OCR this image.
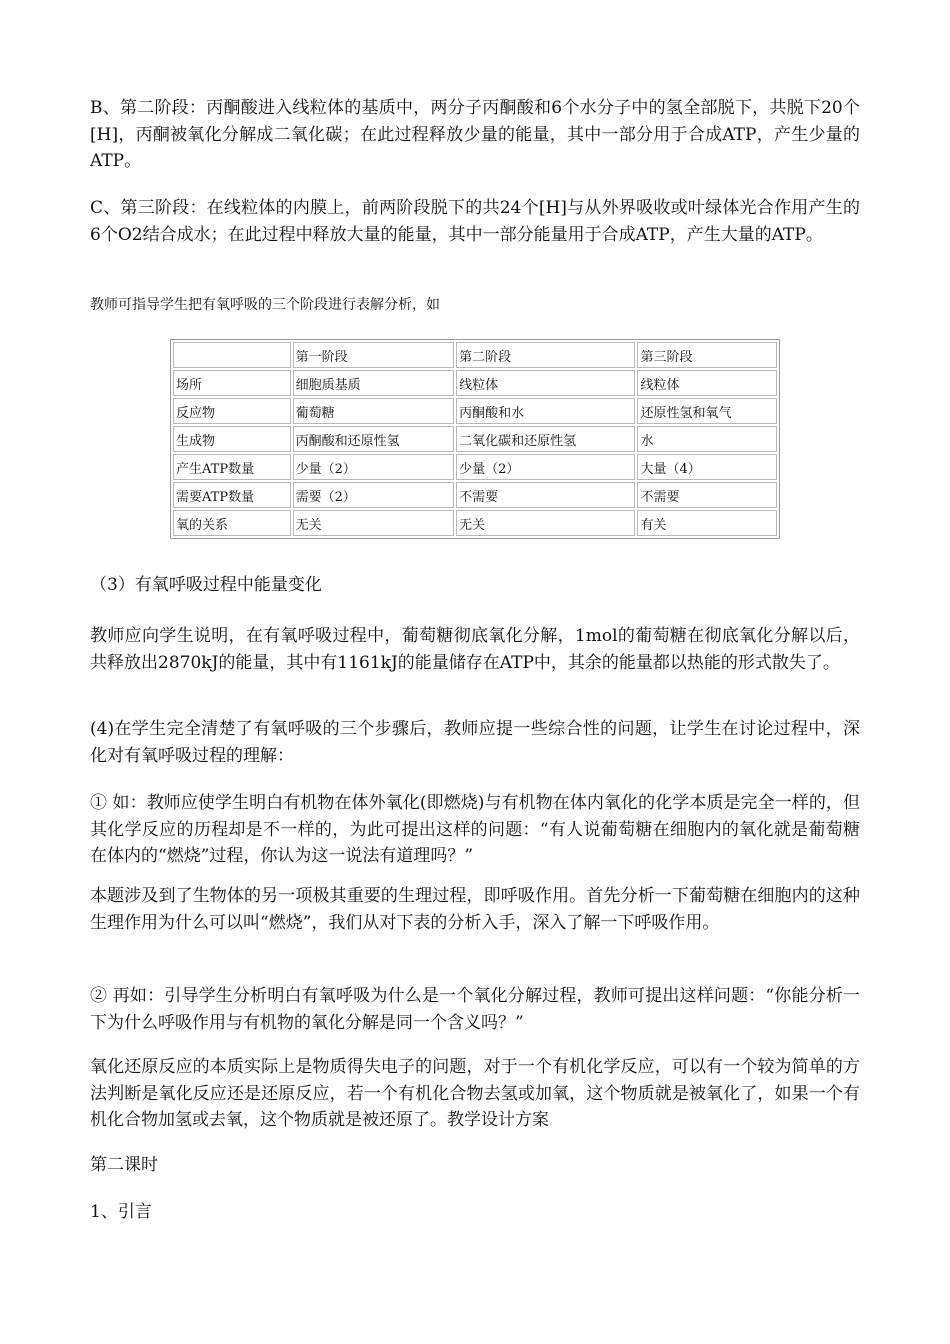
B、第二阶段：丙酮酸进入线粒体的基质中，两分子丙酮酸和6个水分子中的氢全部脱下，共脱下20个[H]，丙酮被氧化分解成二氧化碳；在此过程释放少量的能量，其中一部分用于合成ATP，产生少量的ATP。

C、第三阶段：在线粒体的内膜上，前两阶段脱下的共24个[H]与从外界吸收或叶绿体光合作用产生的6个O2结合成水；在此过程中释放大量的能量，其中一部分能量用于合成ATP，产生大量的ATP。

教师可指导学生把有氧呼吸的三个阶段进行表解分析，如

	第一阶段	第二阶段	第三阶段
场所	细胞质基质	线粒体	线粒体
反应物	葡萄糖	丙酮酸和水	还原性氢和氧气
生成物	丙酮酸和还原性氢	二氧化碳和还原性氢	水
产生ATP数量	少量（2）	少量（2）	大量（4）
需要ATP数量	需要（2）	不需要	不需要
氧的关系	无关	无关	有关

（3）有氧呼吸过程中能量变化

教师应向学生说明，在有氧呼吸过程中，葡萄糖彻底氧化分解，1mol的葡萄糖在彻底氧化分解以后，共释放出2870kJ的能量，其中有1161kJ的能量储存在ATP中，其余的能量都以热能的形式散失了。

(4)在学生完全清楚了有氧呼吸的三个步骤后，教师应提一些综合性的问题，让学生在讨论过程中，深化对有氧呼吸过程的理解：

① 如：教师应使学生明白有机物在体外氧化(即燃烧)与有机物在体内氧化的化学本质是完全一样的，但其化学反应的历程却是不一样的，为此可提出这样的问题：“有人说葡萄糖在细胞内的氧化就是葡萄糖在体内的“燃烧”过程，你认为这一说法有道理吗？”

本题涉及到了生物体的另一项极其重要的生理过程，即呼吸作用。首先分析一下葡萄糖在细胞内的这种生理作用为什么可以叫“燃烧”，我们从对下表的分析入手，深入了解一下呼吸作用。

② 再如：引导学生分析明白有氧呼吸为什么是一个氧化分解过程，教师可提出这样问题：“你能分析一下为什么呼吸作用与有机物的氧化分解是同一个含义吗？”

氧化还原反应的本质实际上是物质得失电子的问题，对于一个有机化学反应，可以有一个较为简单的方法判断是氧化反应还是还原反应，若一个有机化合物去氢或加氧，这个物质就是被氧化了，如果一个有机化合物加氢或去氧，这个物质就是被还原了。教学设计方案

第二课时

1、引言
